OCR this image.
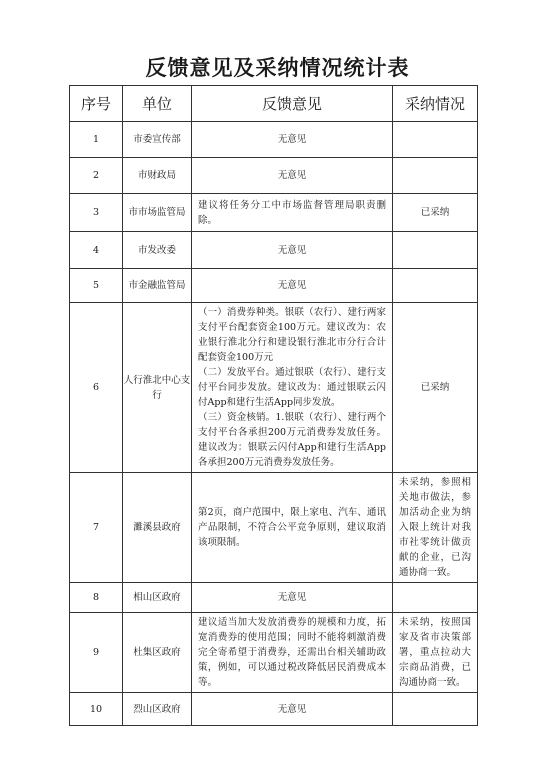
反馈意见及采纳情况统计表
序号	单位	反馈意见	采纳情况
1	市委宣传部	无意见	

2	市财政局	无意见	

3	市市场监管局	建议将任务分工中市场监督管理局职责删除。	已采纳

4	市发改委	无意见	

5	市金融监管局	无意见	

6	人行淮北中心支行	（一）消费券种类。银联（农行）、建行两家支付平台配套资金100万元。建议改为：农业银行淮北分行和建设银行淮北市分行合计配套资金100万元
（二）发放平台。通过银联（农行）、建行支付平台同步发放。建议改为：通过银联云闪付App和建行生活App同步发放。
（三）资金核销。1.银联（农行）、建行两个支付平台各承担200万元消费券发放任务。建议改为：银联云闪付App和建行生活App各承担200万元消费券发放任务。	已采纳

7	濉溪县政府	第2页，商户范围中，限上家电、汽车、通讯产品限制，不符合公平竞争原则，建议取消该项限制。	未采纳，参照相关地市做法，参加活动企业为纳入限上统计对我市社零统计做贡献的企业，已沟通协商一致。

8	相山区政府	无意见	

9	杜集区政府	建议适当加大发放消费券的规模和力度，拓宽消费券的使用范围；同时不能将刺激消费完全寄希望于消费券，还需出台相关辅助政策，例如，可以通过税改降低居民消费成本等。	未采纳，按照国家及省市决策部署，重点拉动大宗商品消费，已沟通协商一致。

10	烈山区政府	无意见	
